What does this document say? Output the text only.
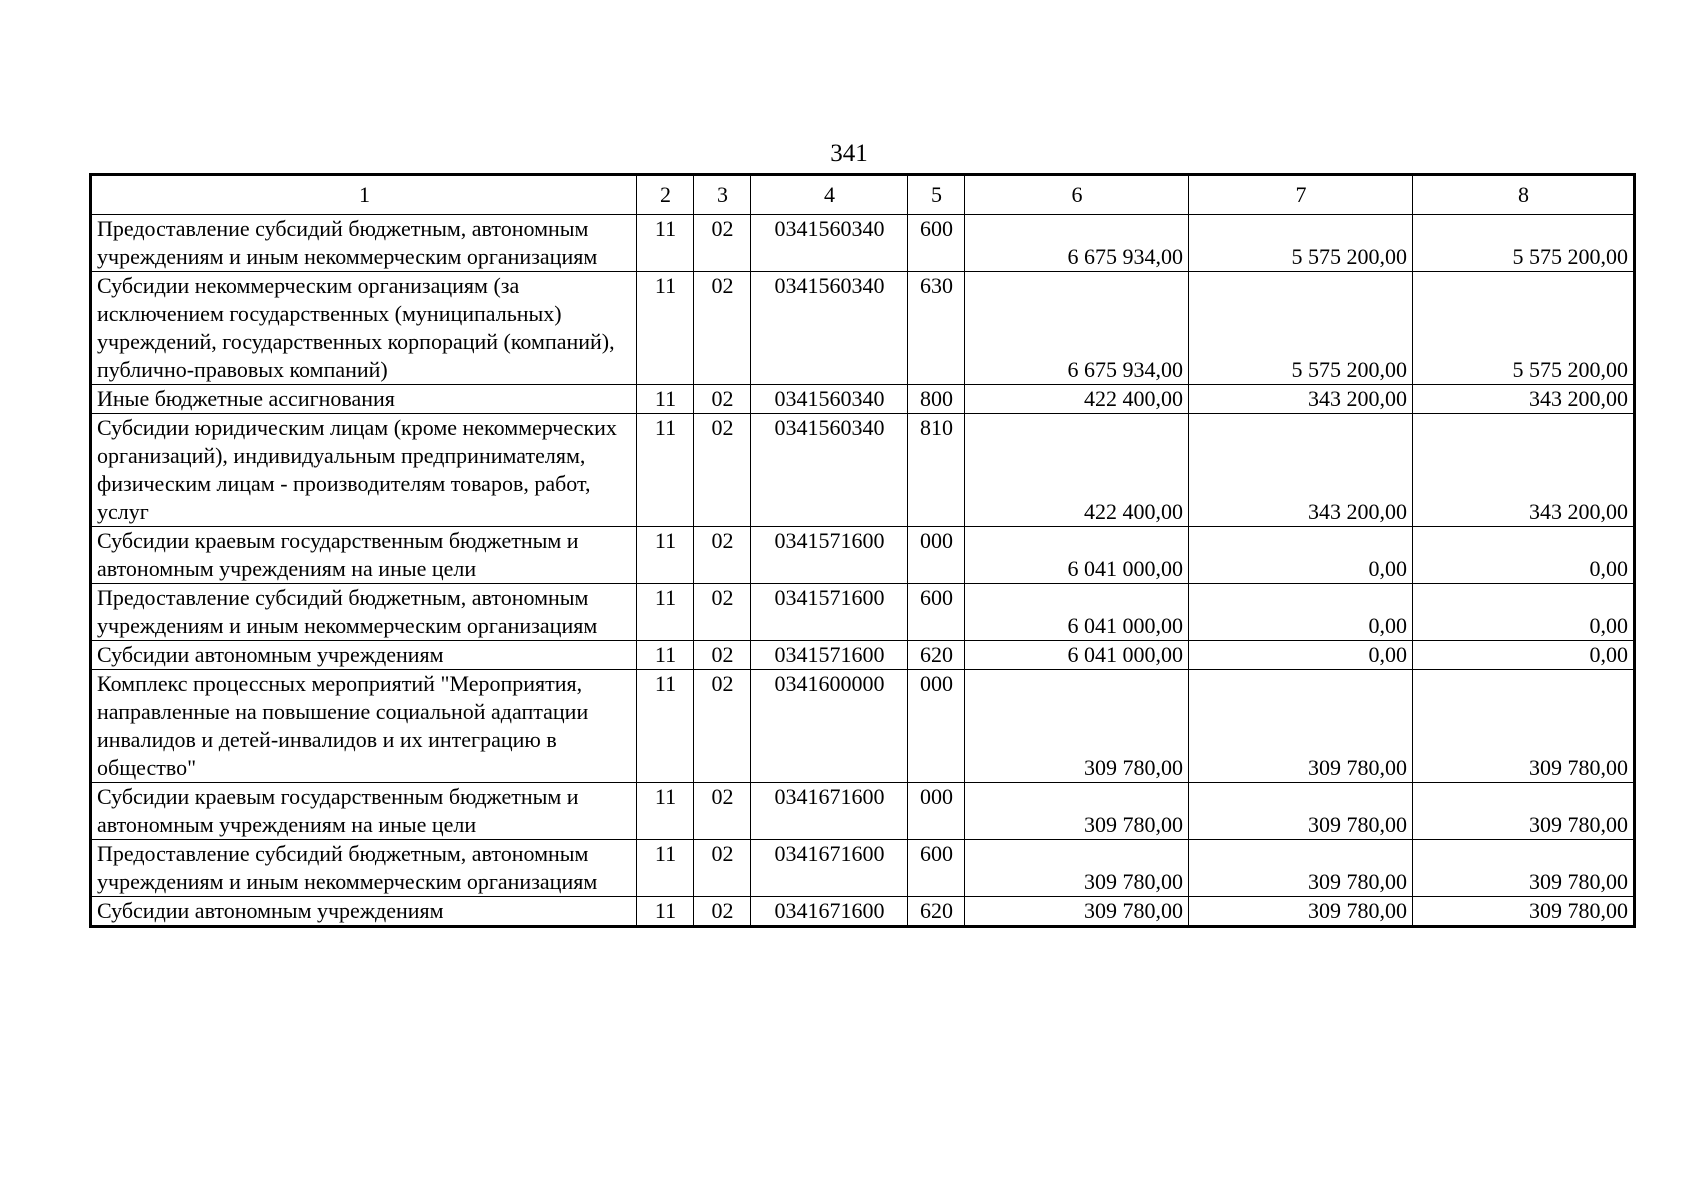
341
1	2	3	4	5	6	7	8
Предоставление субсидий бюджетным, автономным учреждениям и иным некоммерческим организациям	11	02	0341560340	600	6 675 934,00	5 575 200,00	5 575 200,00
Субсидии некоммерческим организациям (за исключением государственных (муниципальных) учреждений, государственных корпораций (компаний), публично-правовых компаний)	11	02	0341560340	630	6 675 934,00	5 575 200,00	5 575 200,00
Иные бюджетные ассигнования	11	02	0341560340	800	422 400,00	343 200,00	343 200,00
Субсидии юридическим лицам (кроме некоммерческих организаций), индивидуальным предпринимателям, физическим лицам - производителям товаров, работ, услуг	11	02	0341560340	810	422 400,00	343 200,00	343 200,00
Субсидии краевым государственным бюджетным и автономным учреждениям на иные цели	11	02	0341571600	000	6 041 000,00	0,00	0,00
Предоставление субсидий бюджетным, автономным учреждениям и иным некоммерческим организациям	11	02	0341571600	600	6 041 000,00	0,00	0,00
Субсидии автономным учреждениям	11	02	0341571600	620	6 041 000,00	0,00	0,00
Комплекс процессных мероприятий "Мероприятия, направленные на повышение социальной адаптации инвалидов и детей-инвалидов и их интеграцию в общество"	11	02	0341600000	000	309 780,00	309 780,00	309 780,00
Субсидии краевым государственным бюджетным и автономным учреждениям на иные цели	11	02	0341671600	000	309 780,00	309 780,00	309 780,00
Предоставление субсидий бюджетным, автономным учреждениям и иным некоммерческим организациям	11	02	0341671600	600	309 780,00	309 780,00	309 780,00
Субсидии автономным учреждениям	11	02	0341671600	620	309 780,00	309 780,00	309 780,00
